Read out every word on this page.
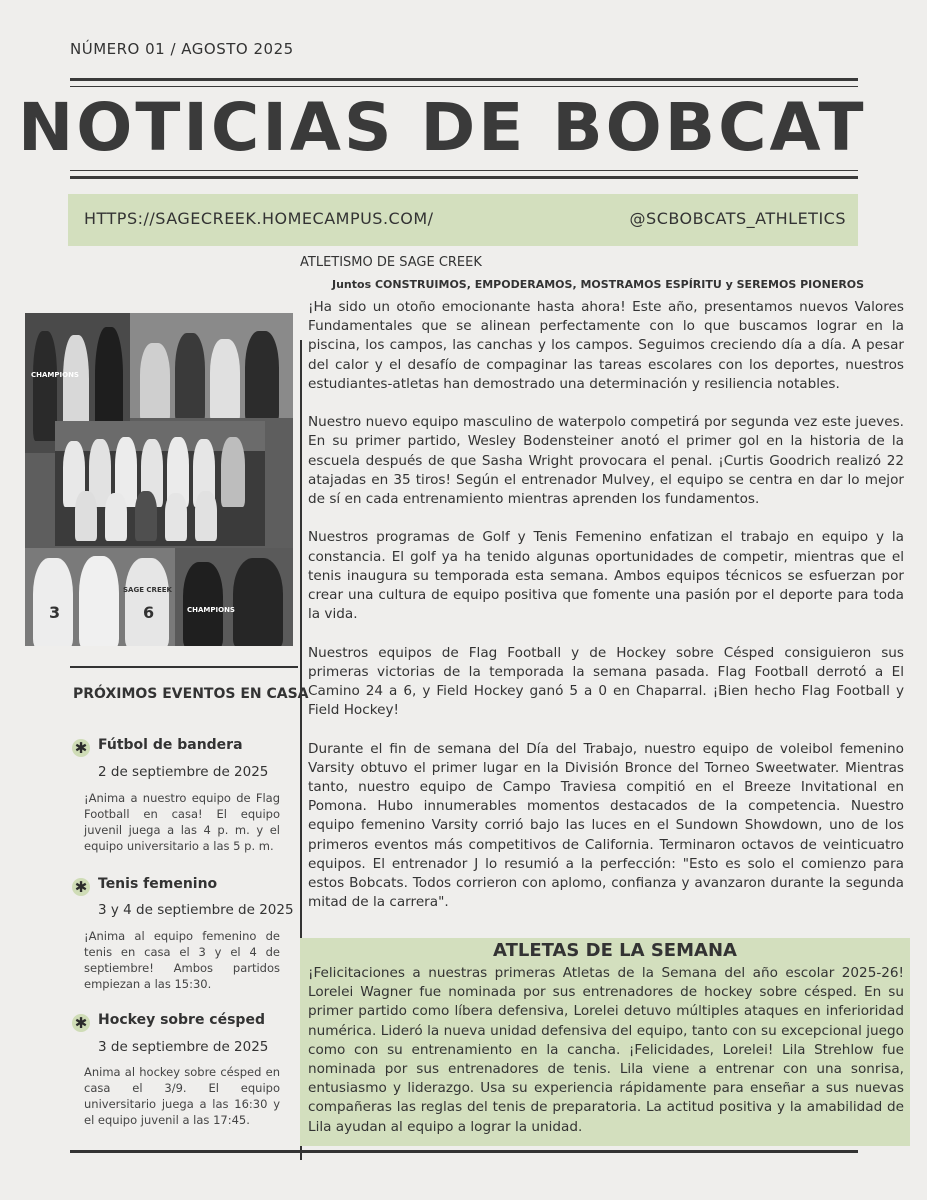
NÚMERO 01 / AGOSTO 2025
NOTICIAS DE BOBCAT
HTTPS://SAGECREEK.HOMECAMPUS.COM/	@SCBOBCATS_ATHLETICS
ATLETISMO DE SAGE CREEK
Juntos CONSTRUIMOS, EMPODERAMOS, MOSTRAMOS ESPÍRITU y SEREMOS PIONEROS
CHAMPIONS
3
SAGE CREEK
6	CHAMPIONS

¡Ha sido un otoño emocionante hasta ahora! Este año, presentamos nuevos Valores Fundamentales que se alinean perfectamente con lo que buscamos lograr en la piscina, los campos, las canchas y los campos. Seguimos creciendo día a día. A pesar del calor y el desafío de compaginar las tareas escolares con los deportes, nuestros estudiantes-atletas han demostrado una determinación y resiliencia notables.

Nuestro nuevo equipo masculino de waterpolo competirá por segunda vez este jueves. En su primer partido, Wesley Bodensteiner anotó el primer gol en la historia de la escuela después de que Sasha Wright provocara el penal. ¡Curtis Goodrich realizó 22 atajadas en 35 tiros! Según el entrenador Mulvey, el equipo se centra en dar lo mejor de sí en cada entrenamiento mientras aprenden los fundamentos.

Nuestros programas de Golf y Tenis Femenino enfatizan el trabajo en equipo y la constancia. El golf ya ha tenido algunas oportunidades de competir, mientras que el tenis inaugura su temporada esta semana. Ambos equipos técnicos se esfuerzan por crear una cultura de equipo positiva que fomente una pasión por el deporte para toda la vida.

Nuestros equipos de Flag Football y de Hockey sobre Césped consiguieron sus primeras victorias de la temporada la semana pasada. Flag Football derrotó a El Camino 24 a 6, y Field Hockey ganó 5 a 0 en Chaparral. ¡Bien hecho Flag Football y Field Hockey!

Durante el fin de semana del Día del Trabajo, nuestro equipo de voleibol femenino Varsity obtuvo el primer lugar en la División Bronce del Torneo Sweetwater. Mientras tanto, nuestro equipo de Campo Traviesa compitió en el Breeze Invitational en Pomona. Hubo innumerables momentos destacados de la competencia. Nuestro equipo femenino Varsity corrió bajo las luces en el Sundown Showdown, uno de los primeros eventos más competitivos de California. Terminaron octavos de veinticuatro equipos. El entrenador J lo resumió a la perfección: "Esto es solo el comienzo para estos Bobcats. Todos corrieron con aplomo, confianza y avanzaron durante la segunda mitad de la carrera".

PRÓXIMOS EVENTOS EN CASA
✱ Fútbol de bandera
2 de septiembre de 2025
¡Anima a nuestro equipo de Flag Football en casa! El equipo juvenil juega a las 4 p. m. y el equipo universitario a las 5 p. m.
✱ Tenis femenino
3 y 4 de septiembre de 2025
¡Anima al equipo femenino de tenis en casa el 3 y el 4 de septiembre! Ambos partidos empiezan a las 15:30.
✱ Hockey sobre césped
3 de septiembre de 2025
Anima al hockey sobre césped en casa el 3/9. El equipo universitario juega a las 16:30 y el equipo juvenil a las 17:45.
ATLETAS DE LA SEMANA
¡Felicitaciones a nuestras primeras Atletas de la Semana del año escolar 2025-26! Lorelei Wagner fue nominada por sus entrenadores de hockey sobre césped. En su primer partido como líbera defensiva, Lorelei detuvo múltiples ataques en inferioridad numérica. Lideró la nueva unidad defensiva del equipo, tanto con su excepcional juego como con su entrenamiento en la cancha. ¡Felicidades, Lorelei! Lila Strehlow fue nominada por sus entrenadores de tenis. Lila viene a entrenar con una sonrisa, entusiasmo y liderazgo. Usa su experiencia rápidamente para enseñar a sus nuevas compañeras las reglas del tenis de preparatoria. La actitud positiva y la amabilidad de Lila ayudan al equipo a lograr la unidad.
